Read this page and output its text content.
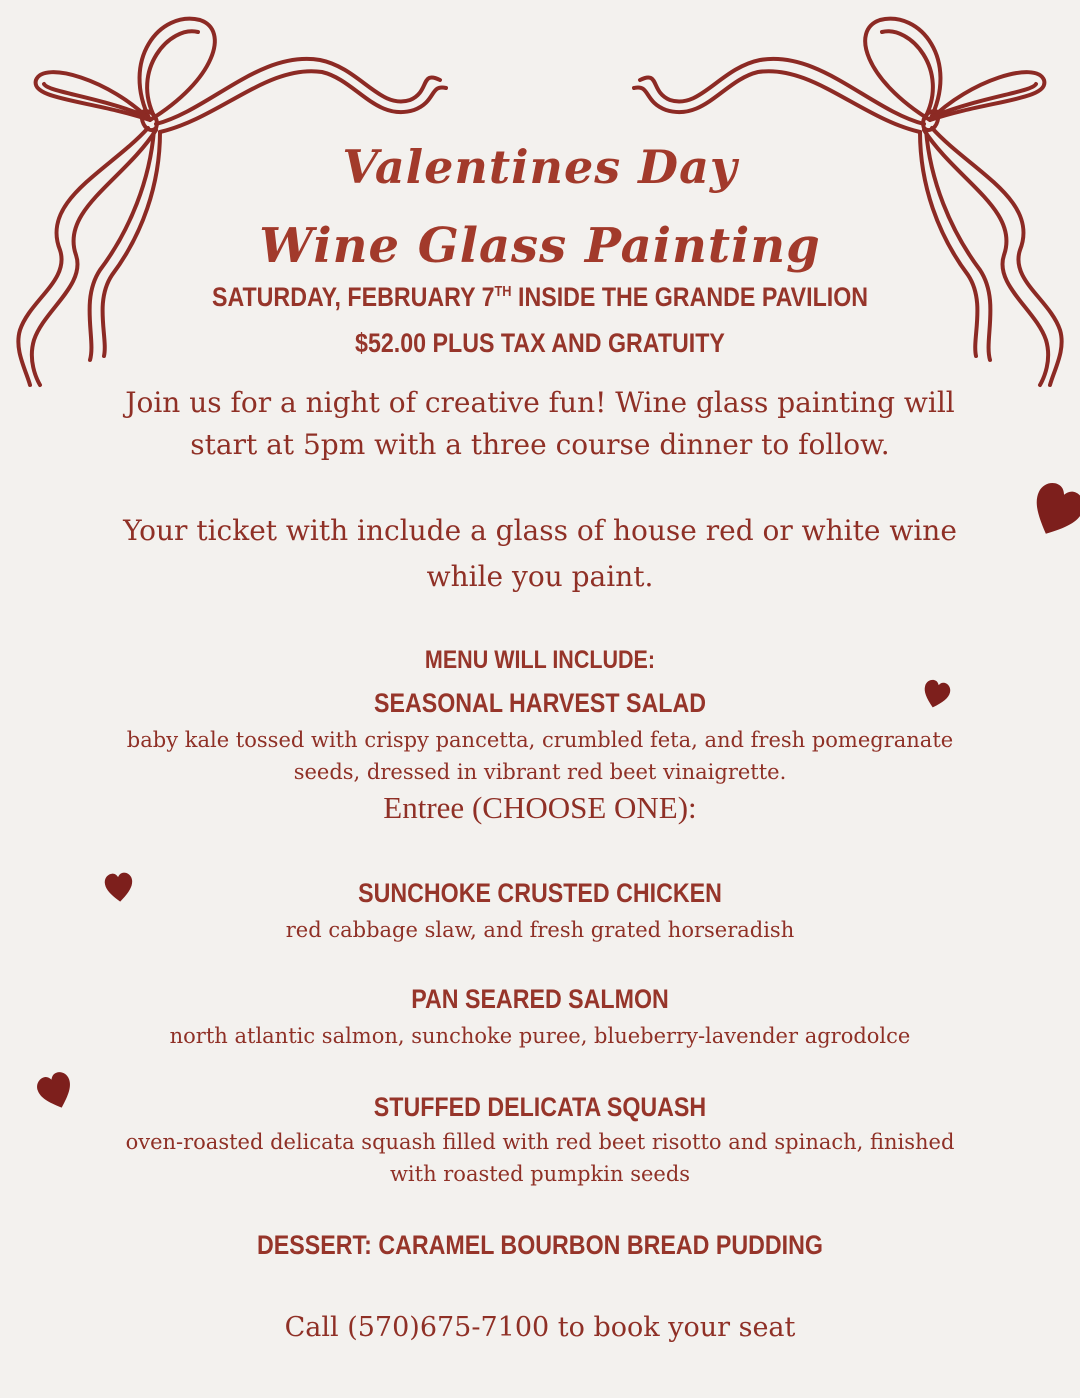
Valentines Day
Wine Glass Painting
SATURDAY, FEBRUARY 7TH INSIDE THE GRANDE PAVILION
$52.00 PLUS TAX AND GRATUITY
Join us for a night of creative fun! Wine glass painting will
start at 5pm with a three course dinner to follow.
Your ticket with include a glass of house red or white wine
while you paint.
MENU WILL INCLUDE:
SEASONAL HARVEST SALAD
baby kale tossed with crispy pancetta, crumbled feta, and fresh pomegranate
seeds, dressed in vibrant red beet vinaigrette.
Entree (CHOOSE ONE):
SUNCHOKE CRUSTED CHICKEN
red cabbage slaw, and fresh grated horseradish
PAN SEARED SALMON
north atlantic salmon, sunchoke puree, blueberry-lavender agrodolce
STUFFED DELICATA SQUASH
oven-roasted delicata squash filled with red beet risotto and spinach, finished
with roasted pumpkin seeds
DESSERT: CARAMEL BOURBON BREAD PUDDING
Call (570)675-7100 to book your seat
